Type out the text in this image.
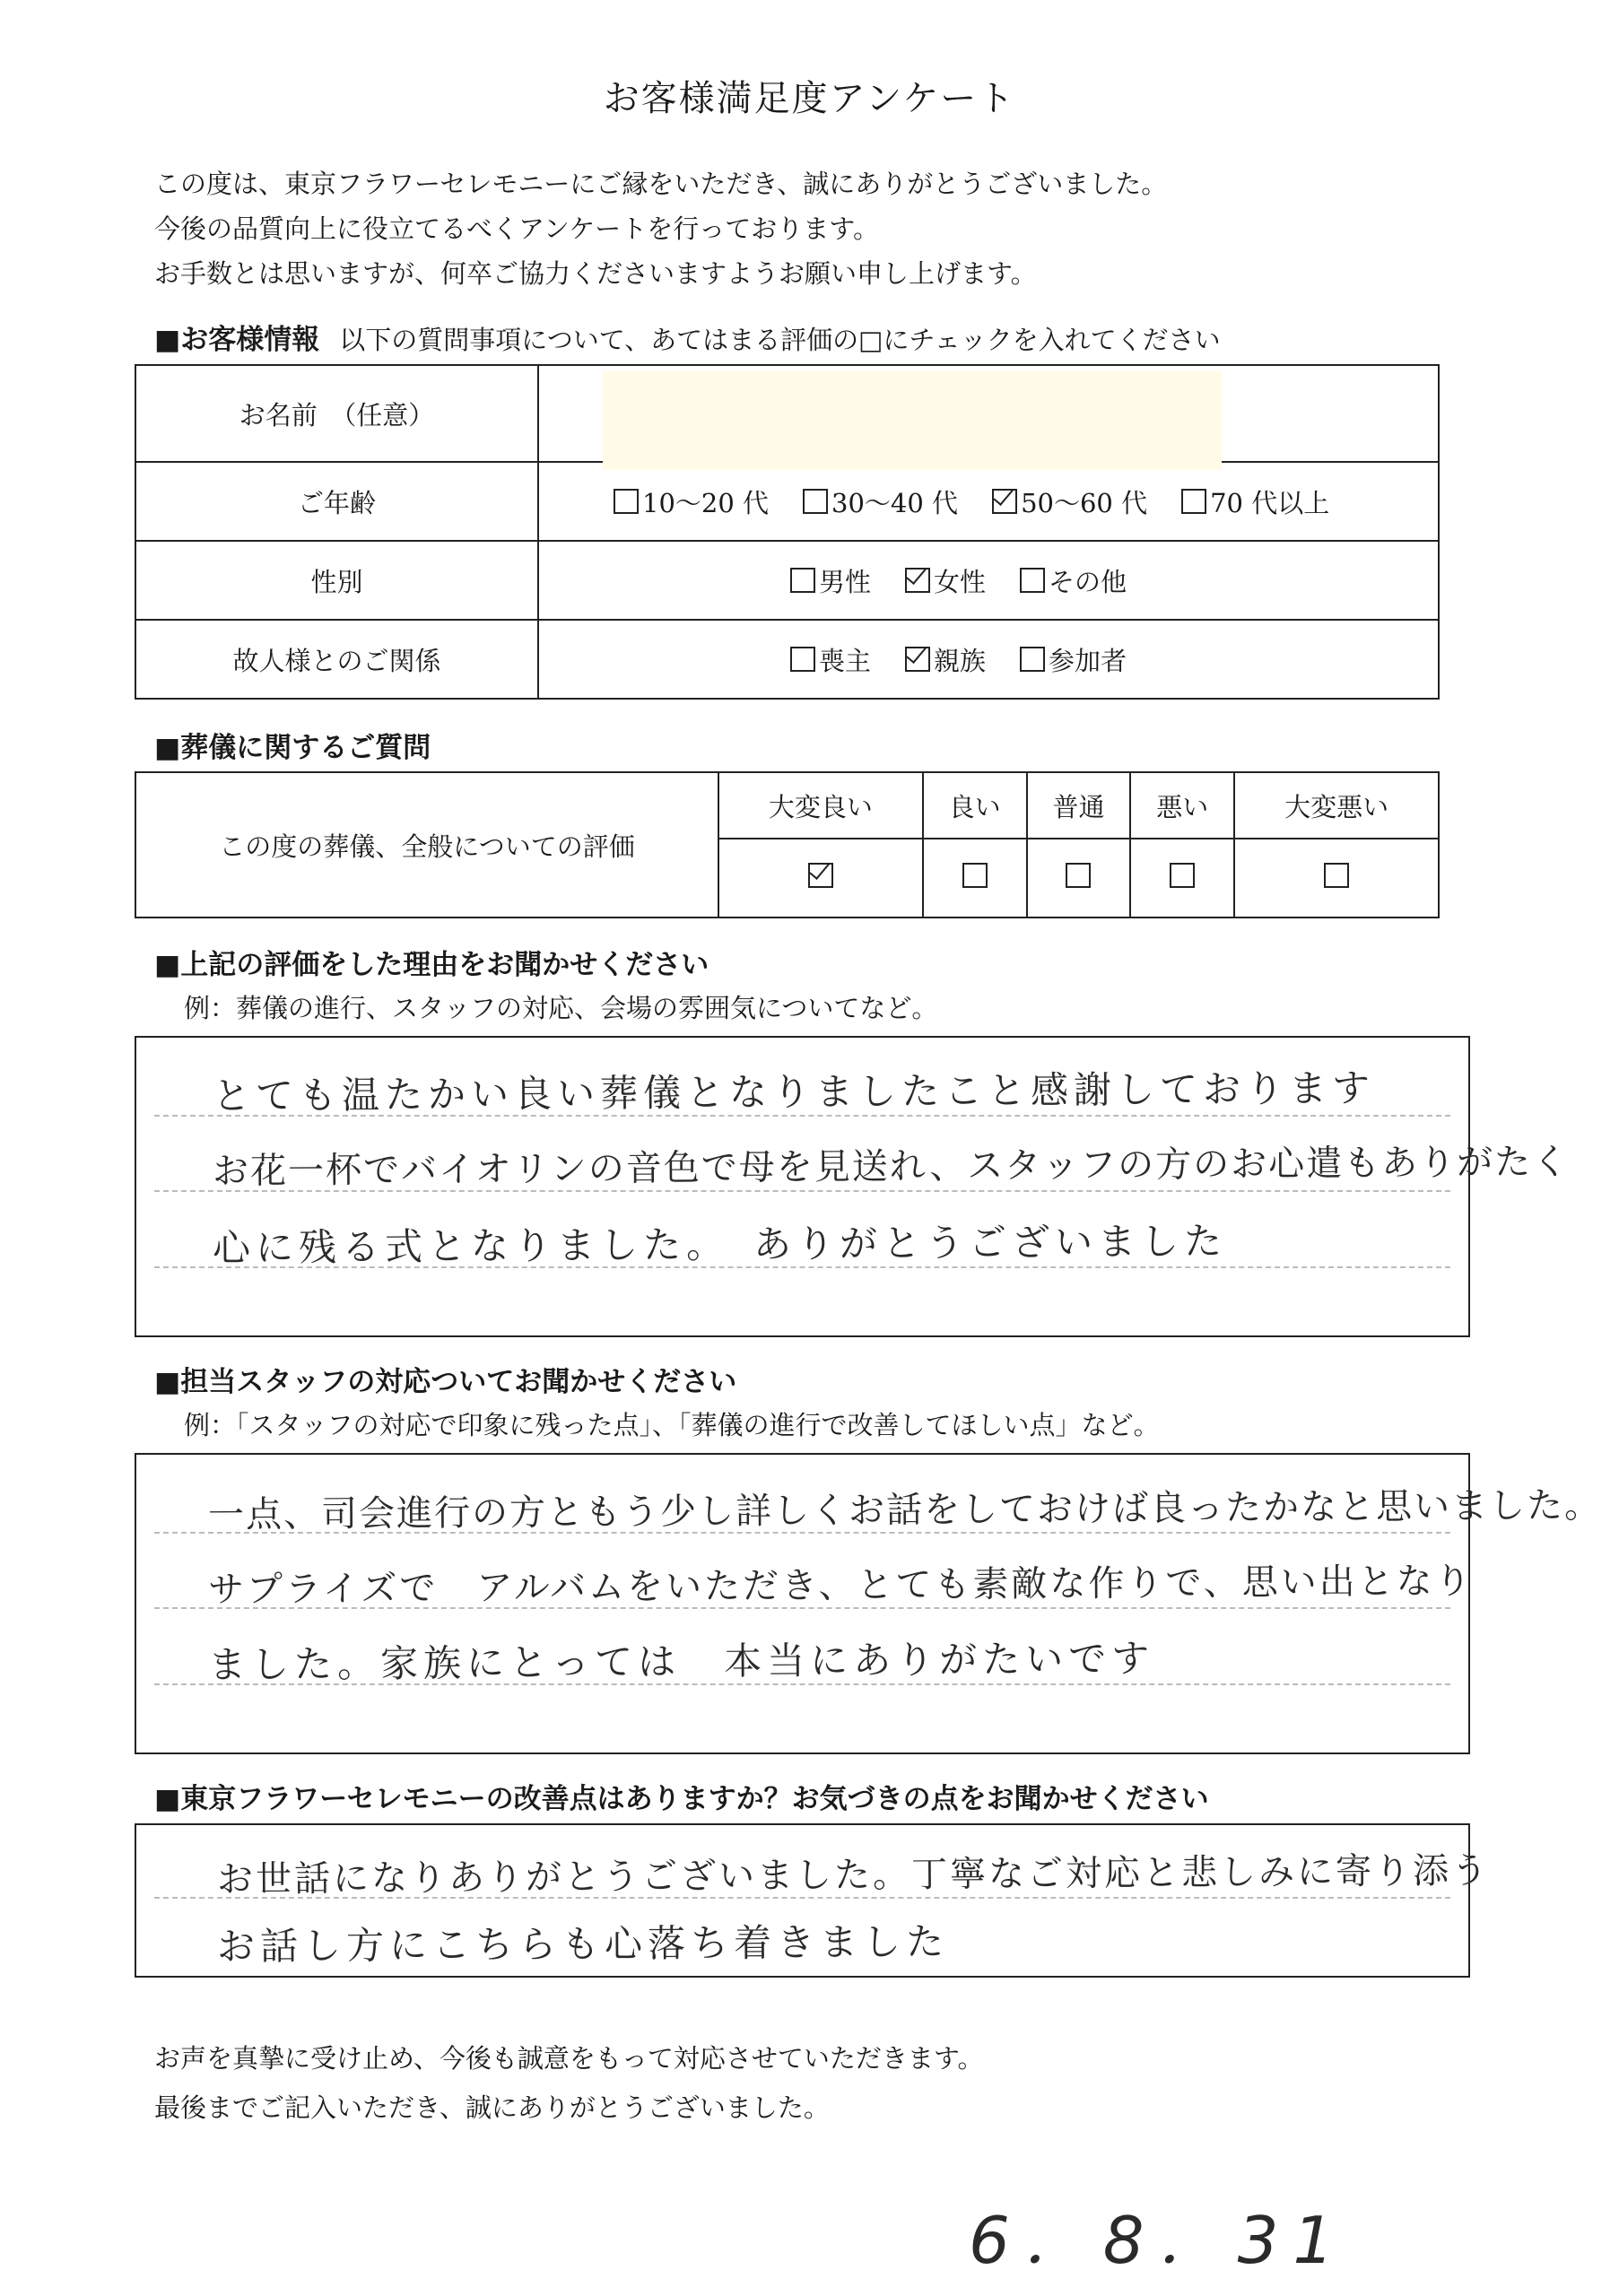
お客様満足度アンケート
この度は、東京フラワーセレモニーにご縁をいただき、誠にありがとうございました。
今後の品質向上に役立てるべくアンケートを行っております。
お手数とは思いますが、何卒ご協力くださいますようお願い申し上げます。
■お客様情報 以下の質問事項について、あてはまる評価の□にチェックを入れてください
お名前　（任意）	
ご年齢	10～20 代 30～40 代 50～60 代 70 代以上

性別	男性 女性 その他

故人様とのご関係	喪主 親族 参加者
■葬儀に関するご質問
この度の葬儀、全般についての評価	大変良い	良い	普通	悪い	大変悪い

■上記の評価をした理由をお聞かせください
例：葬儀の進行、スタッフの対応、会場の雰囲気についてなど。
とても温たかい良い葬儀となりましたこと感謝しております
お花一杯でバイオリンの音色で母を見送れ、スタッフの方のお心遣もありがたく
心に残る式となりました。　ありがとうございました
■担当スタッフの対応ついてお聞かせください
例：「スタッフの対応で印象に残った点」、「葬儀の進行で改善してほしい点」など。
一点、司会進行の方ともう少し詳しくお話をしておけば良ったかなと思いました。
サプライズで　アルバムをいただき、とても素敵な作りで、思い出となり
ました。家族にとっては　本当にありがたいです
■東京フラワーセレモニーの改善点はありますか？お気づきの点をお聞かせください
お世話になりありがとうございました。丁寧なご対応と悲しみに寄り添う
お話し方にこちらも心落ち着きました
お声を真摯に受け止め、今後も誠意をもって対応させていただきます。
最後までご記入いただき、誠にありがとうございました。
6．8．31
